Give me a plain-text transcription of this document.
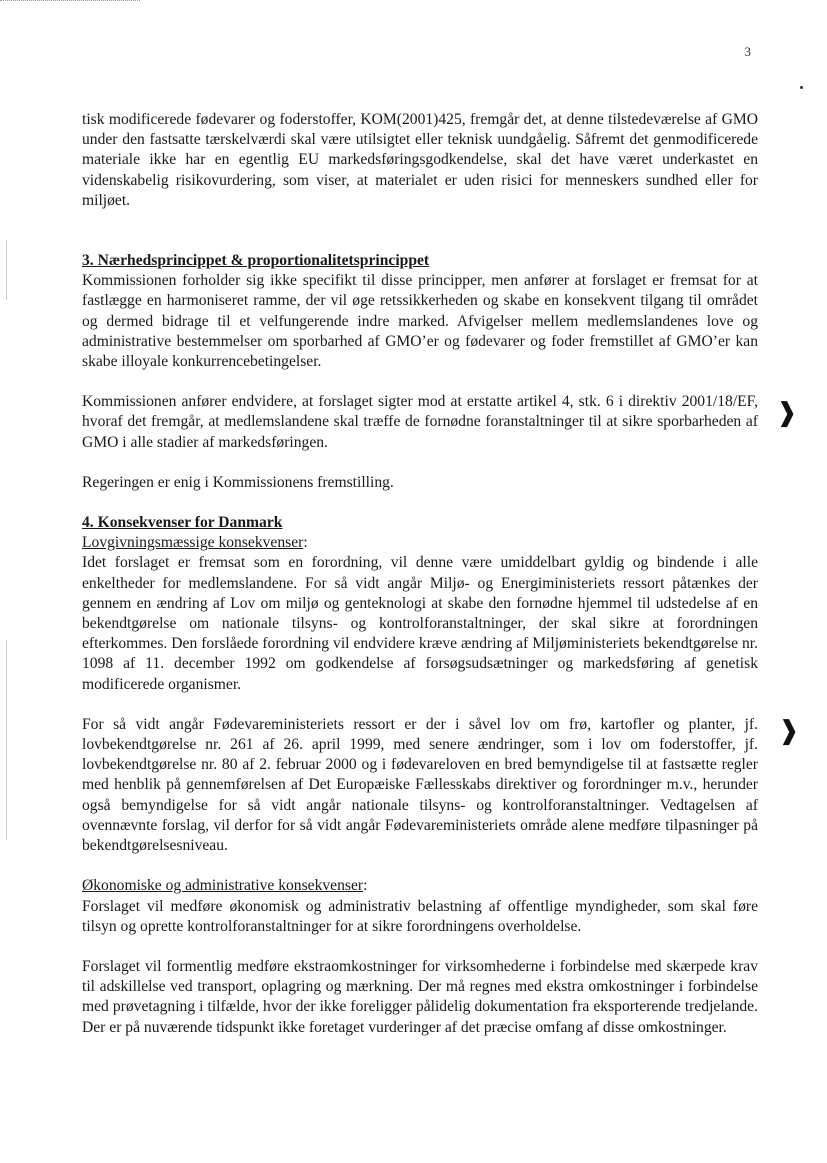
3

tisk modificerede fødevarer og foderstoffer, KOM(2001)425, fremgår det, at denne tilstedeværelse af GMO under den fastsatte tærskelværdi skal være utilsigtet eller teknisk uundgåelig. Såfremt det genmodificerede materiale ikke har en egentlig EU markedsføringsgodkendelse, skal det have været underkastet en videnskabelig risikovurdering, som viser, at materialet er uden risici for menneskers sundhed eller for miljøet.

3. Nærhedsprincippet & proportionalitetsprincippet

Kommissionen forholder sig ikke specifikt til disse principper, men anfører at forslaget er fremsat for at fastlægge en harmoniseret ramme, der vil øge retssikkerheden og skabe en konsekvent tilgang til området og dermed bidrage til et velfungerende indre marked. Afvigelser mellem medlemslandenes love og administrative bestemmelser om sporbarhed af GMO’er og fødevarer og foder fremstillet af GMO’er kan skabe illoyale konkurrencebetingelser.

Kommissionen anfører endvidere, at forslaget sigter mod at erstatte artikel 4, stk. 6 i direktiv 2001/18/EF, hvoraf det fremgår, at medlemslandene skal træffe de fornødne foranstaltninger til at sikre sporbarheden af GMO i alle stadier af markedsføringen.

Regeringen er enig i Kommissionens fremstilling.

4. Konsekvenser for Danmark
Lovgivningsmæssige konsekvenser:

Idet forslaget er fremsat som en forordning, vil denne være umiddelbart gyldig og bindende i alle enkeltheder for medlemslandene. For så vidt angår Miljø- og Energiministeriets ressort påtænkes der gennem en ændring af Lov om miljø og genteknologi at skabe den fornødne hjemmel til udstedelse af en bekendtgørelse om nationale tilsyns- og kontrolforanstaltninger, der skal sikre at forordningen efterkommes. Den forslåede forordning vil endvidere kræve ændring af Miljøministeriets bekendtgørelse nr. 1098 af 11. december 1992 om godkendelse af forsøgsudsætninger og markedsføring af genetisk modificerede organismer.

For så vidt angår Fødevareministeriets ressort er der i såvel lov om frø, kartofler og planter, jf. lovbekendtgørelse nr. 261 af 26. april 1999, med senere ændringer, som i lov om foderstoffer, jf. lovbekendtgørelse nr. 80 af 2. februar 2000 og i fødevareloven en bred bemyndigelse til at fastsætte regler med henblik på gennemførelsen af Det Europæiske Fællesskabs direktiver og forordninger m.v., herunder også bemyndigelse for så vidt angår nationale tilsyns- og kontrolforanstaltninger. Vedtagelsen af ovennævnte forslag, vil derfor for så vidt angår Fødevareministeriets område alene medføre tilpasninger på bekendtgørelsesniveau.

Økonomiske og administrative konsekvenser:

Forslaget vil medføre økonomisk og administrativ belastning af offentlige myndigheder, som skal føre tilsyn og oprette kontrolforanstaltninger for at sikre forordningens overholdelse.

Forslaget vil formentlig medføre ekstraomkostninger for virksomhederne i forbindelse med skærpede krav til adskillelse ved transport, oplagring og mærkning. Der må regnes med ekstra omkostninger i forbindelse med prøvetagning i tilfælde, hvor der ikke foreligger pålidelig dokumentation fra eksporterende tredjelande. Der er på nuværende tidspunkt ikke foretaget vurderinger af det præcise omfang af disse omkostninger.

❱
❱
